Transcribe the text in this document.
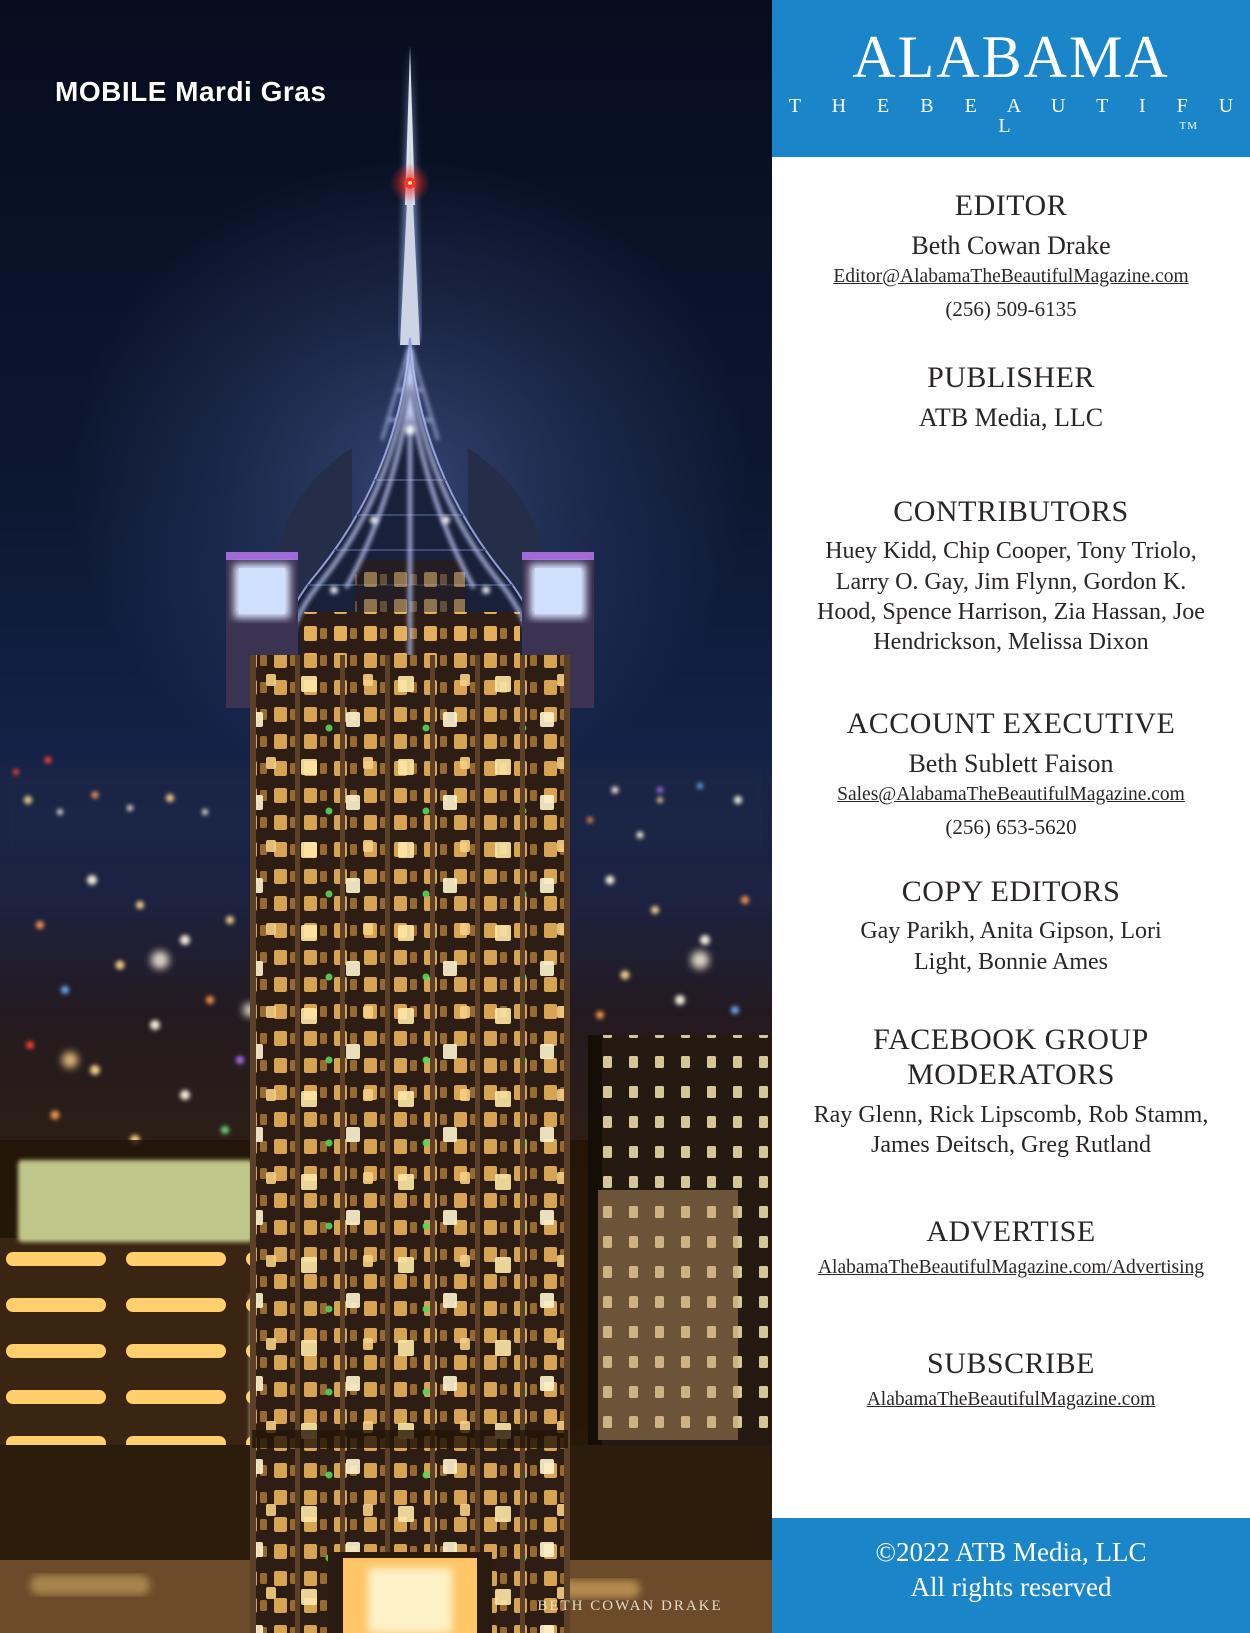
MOBILE Mardi Gras
BETH COWAN DRAKE
ALABAMA
T H E B E A U T I F U L	TM
EDITOR
Beth Cowan Drake
Editor@AlabamaTheBeautifulMagazine.com
(256) 509-6135
PUBLISHER
ATB Media, LLC
CONTRIBUTORS
Huey Kidd, Chip Cooper, Tony Triolo, Larry O. Gay, Jim Flynn, Gordon K. Hood, Spence Harrison, Zia Hassan, Joe Hendrickson, Melissa Dixon
ACCOUNT EXECUTIVE
Beth Sublett Faison
Sales@AlabamaTheBeautifulMagazine.com
(256) 653-5620
COPY EDITORS
Gay Parikh, Anita Gipson, Lori Light, Bonnie Ames
FACEBOOK GROUP MODERATORS
Ray Glenn, Rick Lipscomb, Rob Stamm, James Deitsch, Greg Rutland
ADVERTISE
AlabamaTheBeautifulMagazine.com/Advertising
SUBSCRIBE
AlabamaTheBeautifulMagazine.com
©2022 ATB Media, LLC
All rights reserved
